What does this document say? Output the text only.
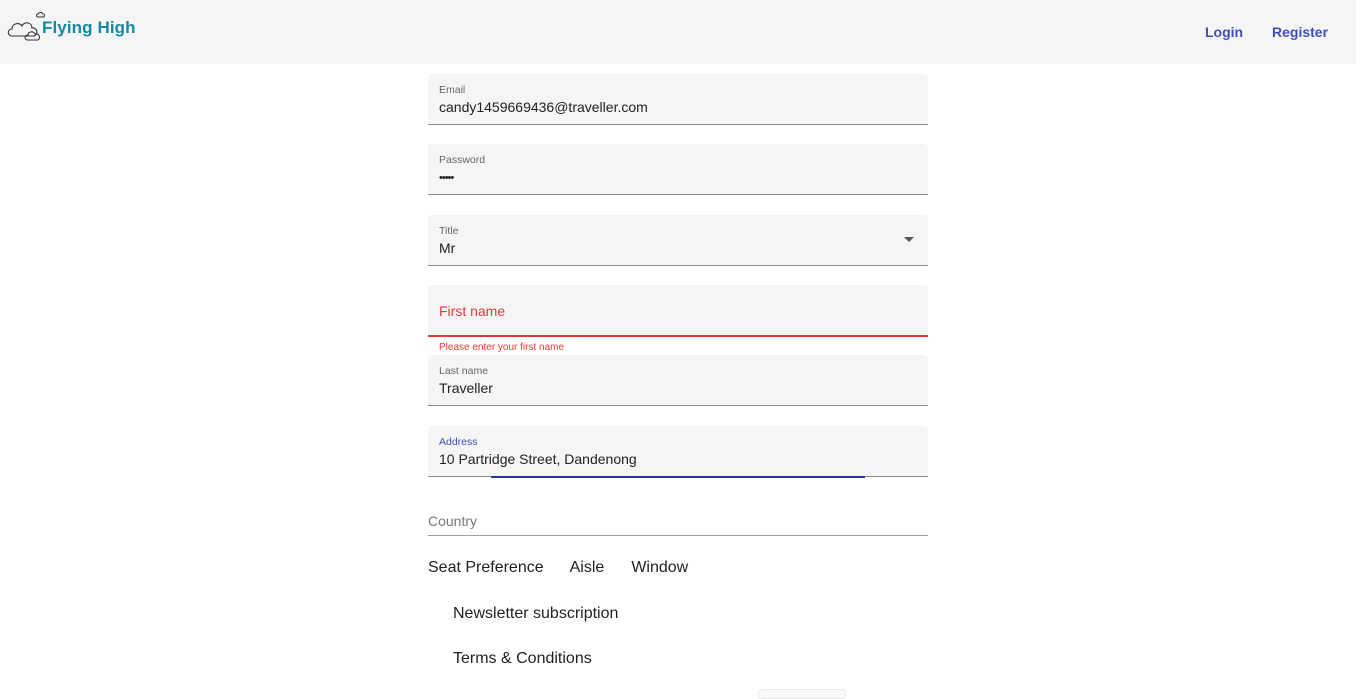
Flying High	Login Register
Email
candy1459669436@traveller.com
Password
•••••
Title
Mr
First name
Please enter your first name
Last name
Traveller
Address
10 Partridge Street, Dandenong
Country
Seat Preference Aisle Window
Newsletter subscription
Terms & Conditions
